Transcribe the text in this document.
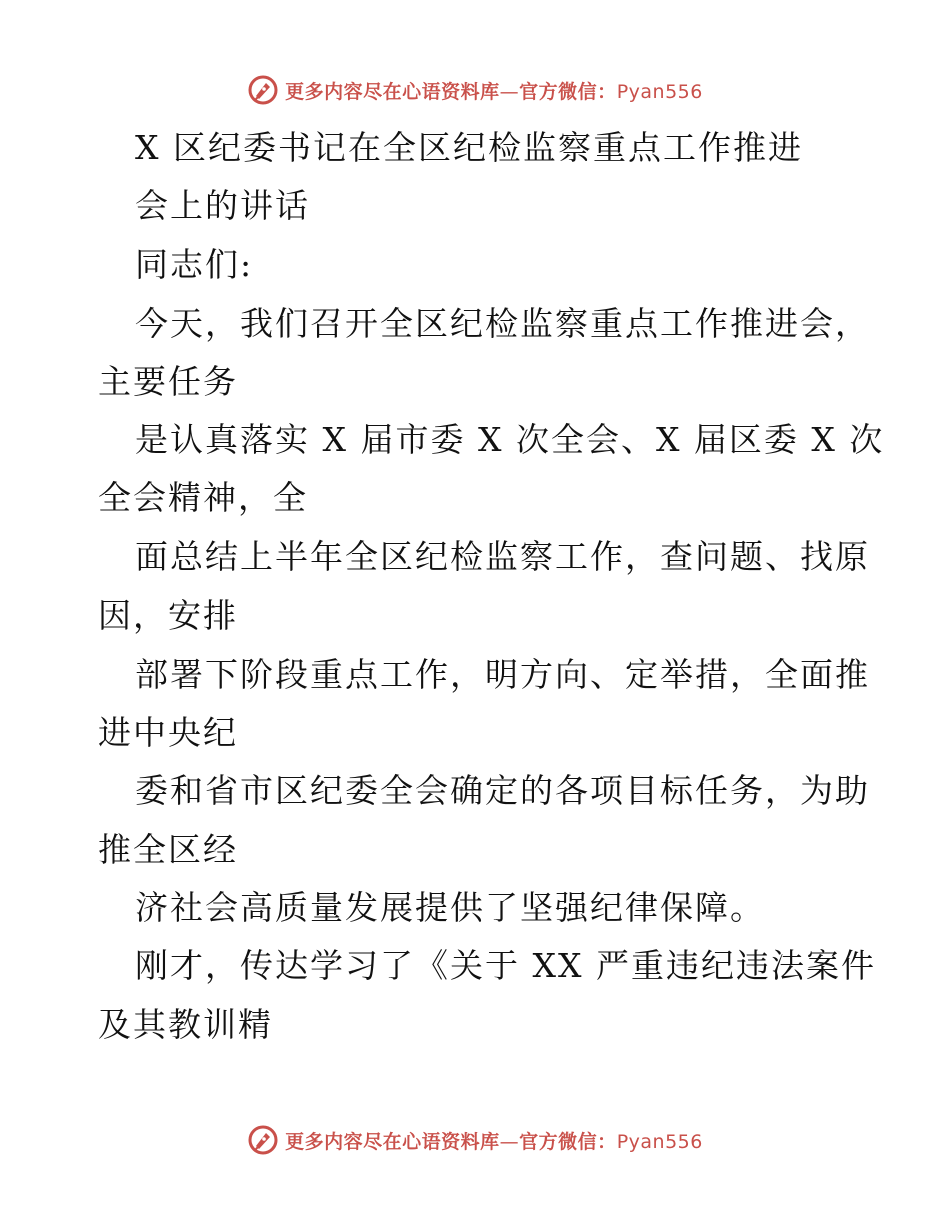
更多内容尽在心语资料库—官方微信：Pyan556
X 区纪委书记在全区纪检监察重点工作推进
会上的讲话
同志们:
今天，我们召开全区纪检监察重点工作推进会，
主要任务
是认真落实 X 届市委 X 次全会、X 届区委 X 次
全会精神，全
面总结上半年全区纪检监察工作，查问题、找原
因，安排
部署下阶段重点工作，明方向、定举措，全面推
进中央纪
委和省市区纪委全会确定的各项目标任务，为助
推全区经
济社会高质量发展提供了坚强纪律保障。
刚才，传达学习了《关于 XX 严重违纪违法案件
及其教训精
更多内容尽在心语资料库—官方微信：Pyan556
